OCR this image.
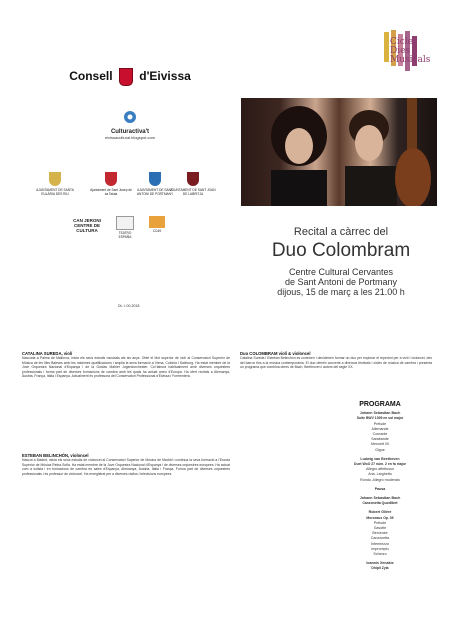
Cicle
Dies
Musicals
Consell d'Eivissa
Culturactiva't
eivissacultural.blogspot.com
AJUNTAMENT DE SANTA EULÀRIA DES RIU
Ajuntament de Sant Josep de sa Talaia
AJUNTAMENT DE SANT ANTONI DE PORTMANY
AJUNTAMENT DE SANT JOAN DE LABRITJA
CAN JERONI CENTRE DE CULTURA	TEATRO ESPAÑA
CCdS
DL: I-00-2018
Recital a càrrec del
Duo Colombram
Centre Cultural Cervantes
de Sant Antoni de Portmany
dijous, 15 de març a les 21.00 h
CATALINA SUREDA, violí
Nascuda a Palma de Mallorca, inicia els seus estudis musicals als sis anys. Obté el títol superior de violí al Conservatori Superior de Música de les Illes Balears amb les màximes qualificacions i amplia la seva formació a Viena, Colònia i Salzburg. Ha estat membre de la Jove Orquestra Nacional d'Espanya i de la Gustav Mahler Jugendorchester. Col·labora habitualment amb diverses orquestres professionals i forma part de diverses formacions de cambra amb les quals ha actuat arreu d'Europa. Ha ofert recitals a Alemanya, Àustria, França, Itàlia i Espanya. Actualment és professora del Conservatori Professional d'Eivissa i Formentera.
ESTEBAN BELINCHÓN, violoncel
Nascut a Madrid, inicia els seus estudis de violoncel al Conservatori Superior de Música de Madrid i continua la seva formació a l'Escola Superior de Música Reina Sofia. Ha estat membre de la Jove Orquestra Nacional d'Espanya i de diverses orquestres europees. Ha actuat com a solista i en formacions de cambra en sales d'Espanya, Alemanya, Àustria, Itàlia i França. Forma part de diverses orquestres professionals i és professor de violoncel. Ha enregistrat per a diverses ràdios i televisions europees.
Duo COLOMBRAM violí & violoncel
Catalina Sureda i Esteban Belinchón es coneixen i decideixen formar un duo per explorar el repertori per a violí i violoncel, des del barroc fins a la música contemporània. El duo ofereix concerts a diversos festivals i cicles de música de cambra i presenta un programa que combina obres de Bach, Beethoven i autors del segle XX.
PROGRAMA
Johann Sebastian Bach
Suite BWV 1009 en sol major
Prélude
Allemande
Courante
Sarabande
Menuett I/II
Gigue
Ludwig van Beethoven
Duet WoO 27 núm. 2 en fa major
Allegro affettuoso
Aria. Larghetto
Rondo. Allegro moderato
Pausa
Johann Sebastian Bach
Canzonetta Quodlibet
Robert Glière
Morceaux Op. 39
Prélude
Gavotte
Berceuse
Canzonetta
Intermezzo
Impromptu
Scherzo
Ioannis Xenakis
Dhipli Zyia
